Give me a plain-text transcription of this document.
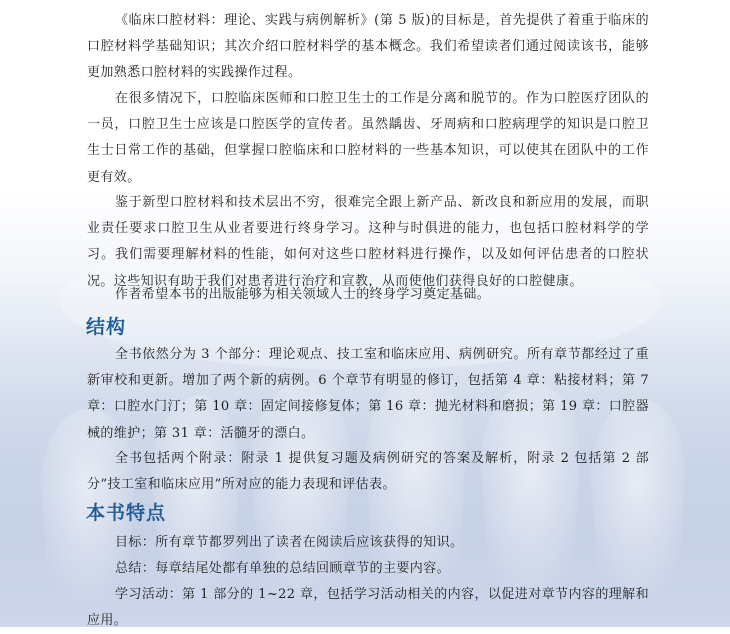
《临床口腔材料：理论、实践与病例解析》(第 5 版)的目标是，首先提供了着重于临床的口腔材料学基础知识；其次介绍口腔材料学的基本概念。我们希望读者们通过阅读该书，能够更加熟悉口腔材料的实践操作过程。

在很多情况下，口腔临床医师和口腔卫生士的工作是分离和脱节的。作为口腔医疗团队的一员，口腔卫生士应该是口腔医学的宣传者。虽然龋齿、牙周病和口腔病理学的知识是口腔卫生士日常工作的基础，但掌握口腔临床和口腔材料的一些基本知识，可以使其在团队中的工作更有效。

鉴于新型口腔材料和技术层出不穷，很难完全跟上新产品、新改良和新应用的发展，而职业责任要求口腔卫生从业者要进行终身学习。这种与时俱进的能力，也包括口腔材料学的学习。我们需要理解材料的性能，如何对这些口腔材料进行操作，以及如何评估患者的口腔状况。这些知识有助于我们对患者进行治疗和宣教，从而使他们获得良好的口腔健康。

作者希望本书的出版能够为相关领域人士的终身学习奠定基础。

结构

全书依然分为 3 个部分：理论观点、技工室和临床应用、病例研究。所有章节都经过了重新审校和更新。增加了两个新的病例。6 个章节有明显的修订，包括第 4 章：粘接材料；第 7 章：口腔水门汀；第 10 章：固定间接修复体；第 16 章：抛光材料和磨损；第 19 章：口腔器械的维护；第 31 章：活髓牙的漂白。

全书包括两个附录：附录 1 提供复习题及病例研究的答案及解析，附录 2 包括第 2 部分“技工室和临床应用”所对应的能力表现和评估表。

本书特点

目标：所有章节都罗列出了读者在阅读后应该获得的知识。

总结：每章结尾处都有单独的总结回顾章节的主要内容。

学习活动：第 1 部分的 1~22 章，包括学习活动相关的内容，以促进对章节内容的理解和应用。
